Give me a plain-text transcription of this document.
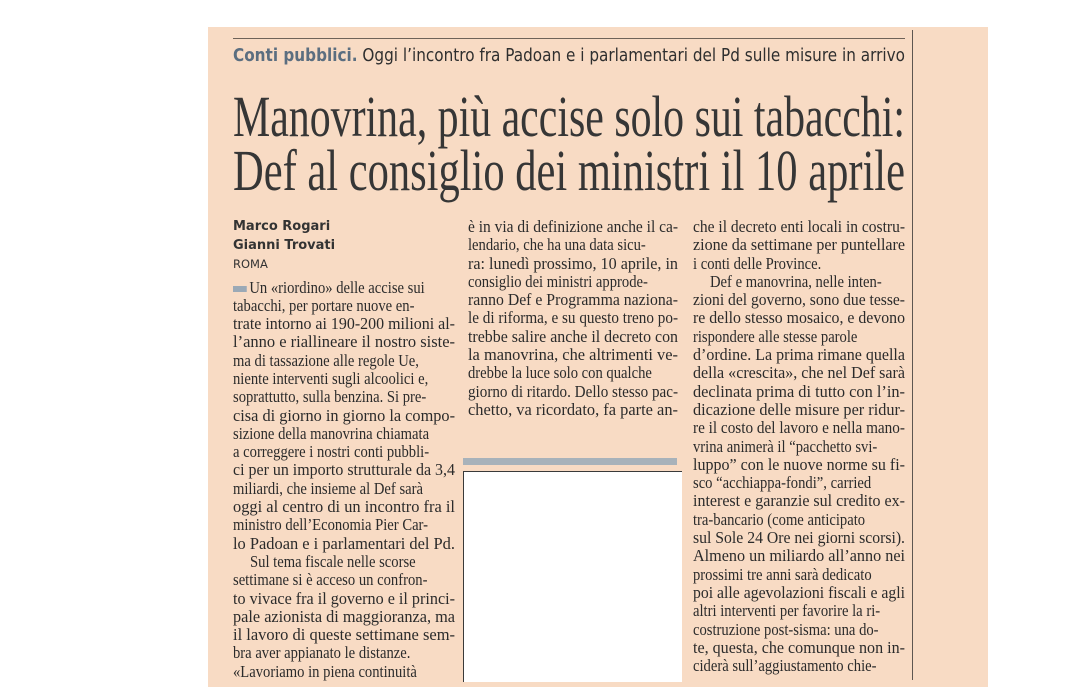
Conti pubblici. Oggi l’incontro fra Padoan e i parlamentari del Pd sulle misure in arrivo
Manovrina, più accise solo sui tabacchi:
Def al consiglio dei ministri il 10 aprile
Marco Rogari
Gianni Trovati
ROMA
Un «riordino» delle accise sui
tabacchi, per portare nuove en-
trate intorno ai 190-200 milioni al-
l’anno e riallineare il nostro siste-
ma di tassazione alle regole Ue,
niente interventi sugli alcoolici e,
soprattutto, sulla benzina. Si pre-
cisa di giorno in giorno la compo-
sizione della manovrina chiamata
a correggere i nostri conti pubbli-
ci per un importo strutturale da 3,4
miliardi, che insieme al Def sarà
oggi al centro di un incontro fra il
ministro dell’Economia Pier Car-
lo Padoan e i parlamentari del Pd.
Sul tema fiscale nelle scorse
settimane si è acceso un confron-
to vivace fra il governo e il princi-
pale azionista di maggioranza, ma
il lavoro di queste settimane sem-
bra aver appianato le distanze.
«Lavoriamo in piena continuità
è in via di definizione anche il ca-
lendario, che ha una data sicu-
ra: lunedì prossimo, 10 aprile, in
consiglio dei ministri approde-
ranno Def e Programma naziona-
le di riforma, e su questo treno po-
trebbe salire anche il decreto con
la manovrina, che altrimenti ve-
drebbe la luce solo con qualche
giorno di ritardo. Dello stesso pac-
chetto, va ricordato, fa parte an-
che il decreto enti locali in costru-
zione da settimane per puntellare
i conti delle Province.
Def e manovrina, nelle inten-
zioni del governo, sono due tesse-
re dello stesso mosaico, e devono
rispondere alle stesse parole
d’ordine. La prima rimane quella
della «crescita», che nel Def sarà
declinata prima di tutto con l’in-
dicazione delle misure per ridur-
re il costo del lavoro e nella mano-
vrina animerà il “pacchetto svi-
luppo” con le nuove norme su fi-
sco “acchiappa-fondi”, carried
interest e garanzie sul credito ex-
tra-bancario (come anticipato
sul Sole 24 Ore nei giorni scorsi).
Almeno un miliardo all’anno nei
prossimi tre anni sarà dedicato
poi alle agevolazioni fiscali e agli
altri interventi per favorire la ri-
costruzione post-sisma: una do-
te, questa, che comunque non in-
ciderà sull’aggiustamento chie-
